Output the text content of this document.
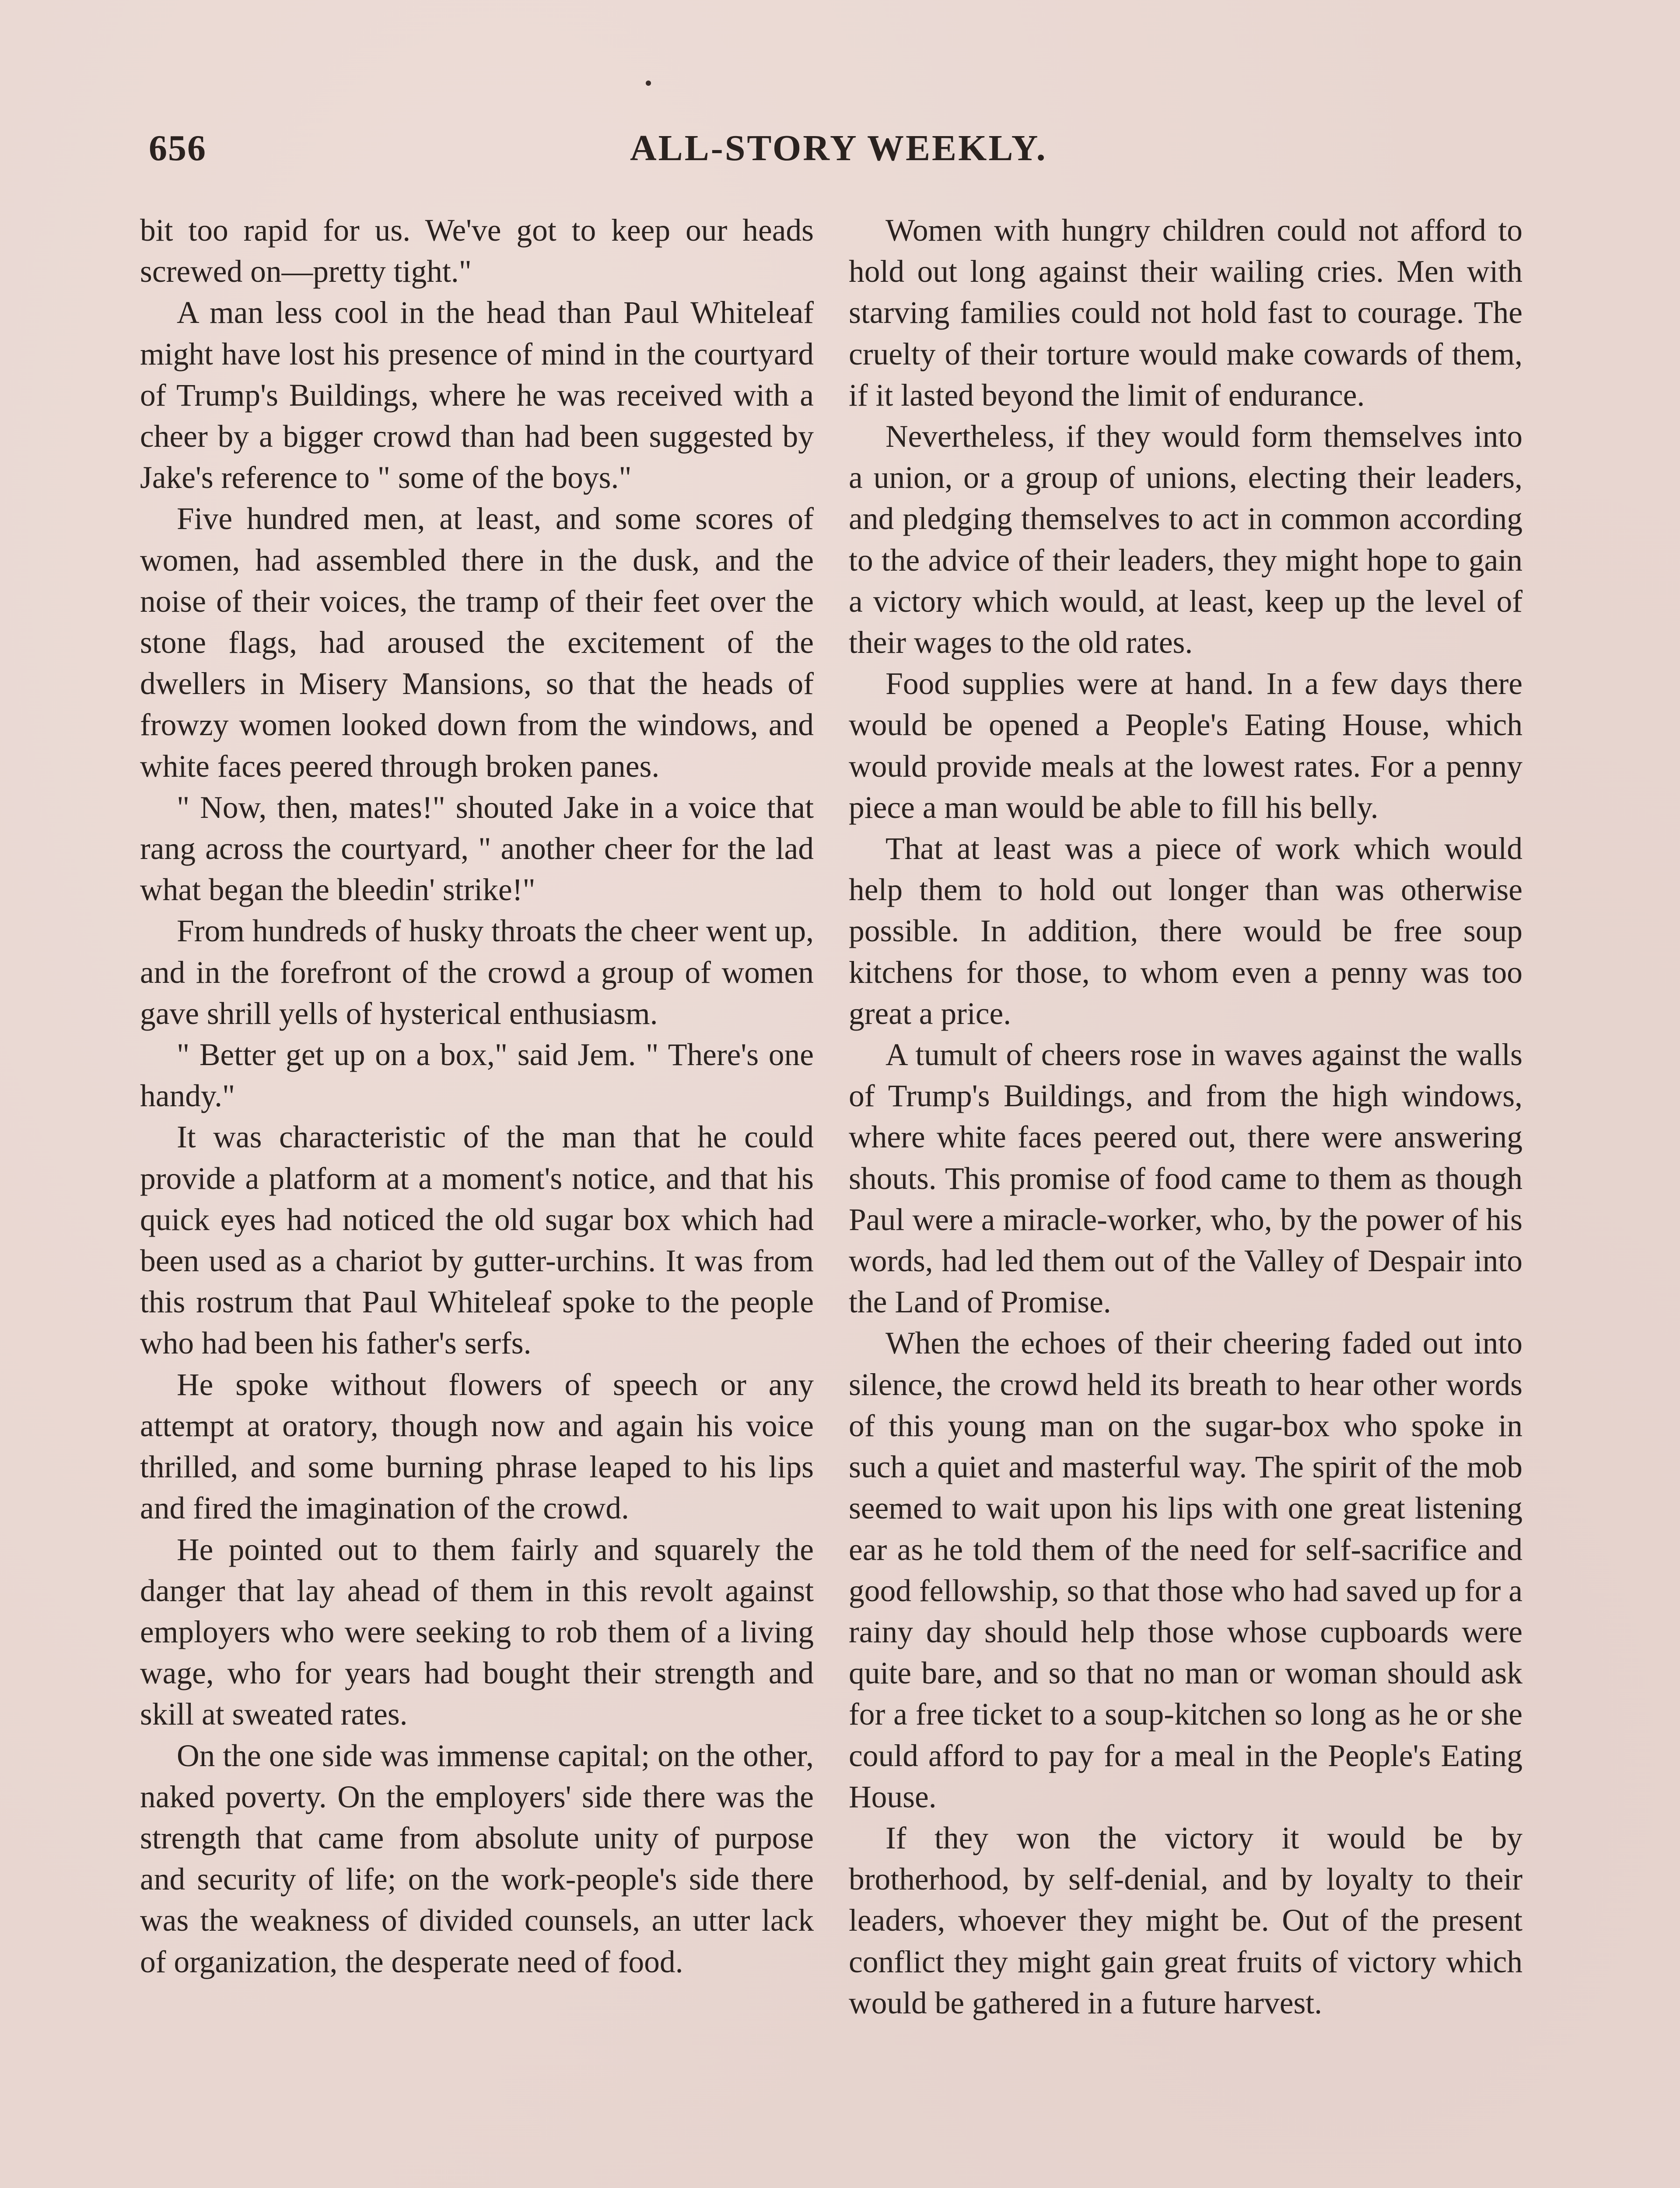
656	ALL-STORY WEEKLY.

bit too rapid for us. We've got to keep our heads screwed on—pretty tight."

A man less cool in the head than Paul Whiteleaf might have lost his presence of mind in the courtyard of Trump's Buildings, where he was received with a cheer by a bigger crowd than had been suggested by Jake's reference to " some of the boys."

Five hundred men, at least, and some scores of women, had assembled there in the dusk, and the noise of their voices, the tramp of their feet over the stone flags, had aroused the excitement of the dwellers in Misery Mansions, so that the heads of frowzy women looked down from the windows, and white faces peered through broken panes.

" Now, then, mates!" shouted Jake in a voice that rang across the courtyard, " another cheer for the lad what began the bleedin' strike!"

From hundreds of husky throats the cheer went up, and in the forefront of the crowd a group of women gave shrill yells of hysterical enthusiasm.

" Better get up on a box," said Jem. " There's one handy."

It was characteristic of the man that he could provide a platform at a moment's notice, and that his quick eyes had noticed the old sugar box which had been used as a chariot by gutter-urchins. It was from this rostrum that Paul Whiteleaf spoke to the people who had been his father's serfs.

He spoke without flowers of speech or any attempt at oratory, though now and again his voice thrilled, and some burning phrase leaped to his lips and fired the imagination of the crowd.

He pointed out to them fairly and squarely the danger that lay ahead of them in this revolt against employers who were seeking to rob them of a living wage, who for years had bought their strength and skill at sweated rates.

On the one side was immense capital; on the other, naked poverty. On the employers' side there was the strength that came from absolute unity of purpose and security of life; on the work-people's side there was the weakness of divided counsels, an utter lack of organization, the desperate need of food.

Women with hungry children could not afford to hold out long against their wailing cries. Men with starving families could not hold fast to courage. The cruelty of their torture would make cowards of them, if it lasted beyond the limit of endurance.

Nevertheless, if they would form themselves into a union, or a group of unions, electing their leaders, and pledging themselves to act in common according to the advice of their leaders, they might hope to gain a victory which would, at least, keep up the level of their wages to the old rates.

Food supplies were at hand. In a few days there would be opened a People's Eating House, which would provide meals at the lowest rates. For a penny piece a man would be able to fill his belly.

That at least was a piece of work which would help them to hold out longer than was otherwise possible. In addition, there would be free soup kitchens for those, to whom even a penny was too great a price.

A tumult of cheers rose in waves against the walls of Trump's Buildings, and from the high windows, where white faces peered out, there were answering shouts. This promise of food came to them as though Paul were a miracle-worker, who, by the power of his words, had led them out of the Valley of Despair into the Land of Promise.

When the echoes of their cheering faded out into silence, the crowd held its breath to hear other words of this young man on the sugar-box who spoke in such a quiet and masterful way. The spirit of the mob seemed to wait upon his lips with one great listening ear as he told them of the need for self-sacrifice and good fellowship, so that those who had saved up for a rainy day should help those whose cupboards were quite bare, and so that no man or woman should ask for a free ticket to a soup-kitchen so long as he or she could afford to pay for a meal in the People's Eating House.

If they won the victory it would be by brotherhood, by self-denial, and by loyalty to their leaders, whoever they might be. Out of the present conflict they might gain great fruits of victory which would be gathered in a future harvest.
